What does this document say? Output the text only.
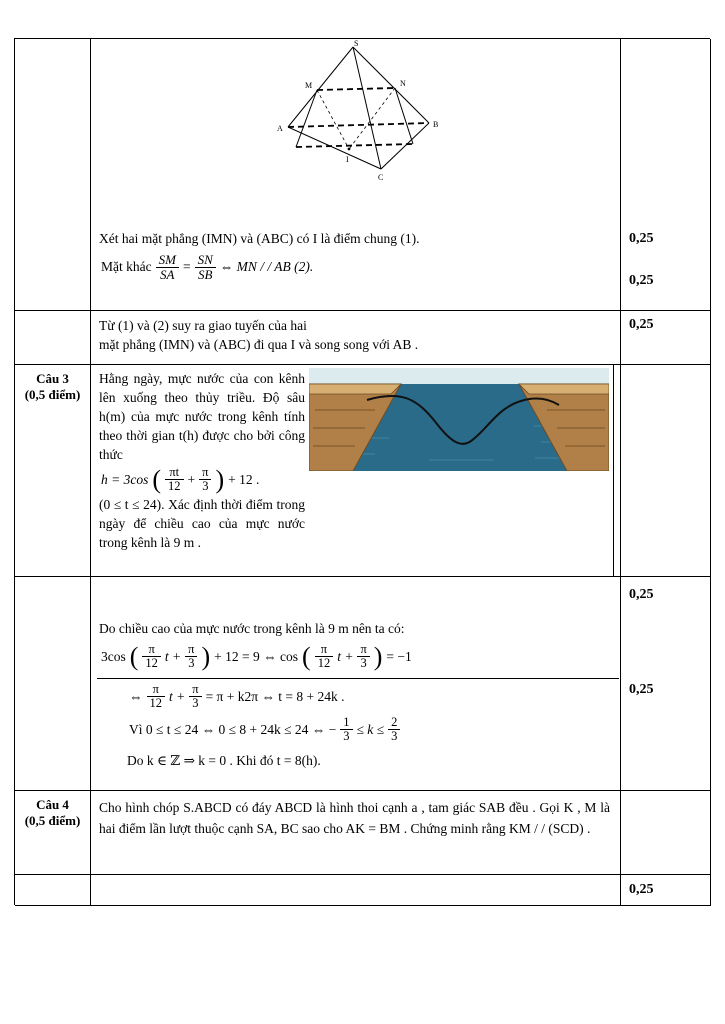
S
M	N
A	B
C
I
Xét hai mặt phẳng (IMN) và (ABC) có I là điểm chung (1).
Mặt khác $\frac{SM}{SA} = \frac{SN}{SB}$ ⇔ MN / / AB (2).
0,25
0,25
Từ (1) và (2) suy ra giao tuyến của hai
mặt phẳng (IMN) và (ABC) đi qua I và song song với AB .
0,25
Câu 3
(0,5 điểm)
Hằng ngày, mực nước của con kênh lên xuống theo thủy triều. Độ sâu h(m) của mực nước trong kênh tính theo thời gian t(h) được cho bởi công thức
h = 3cos ( $\frac{\pi t}{12} + \frac{\pi}{3}$ ) + 12 .
(0 ≤ t ≤ 24). Xác định thời điểm trong ngày để chiều cao của mực nước trong kênh là 9 m .
Do chiều cao của mực nước trong kênh là 9 m nên ta có:
3cos ( $\frac{\pi}{12}$ $t + \frac{\pi}{3}$ ) + 12 = 9 ⇔ cos ( $\frac{\pi}{12}$ $t + \frac{\pi}{3}$ ) = −1
⇔ $\frac{\pi}{12}$ $t + \frac{\pi}{3} = \pi + k2\pi$ ⇔ t = 8 + 24k .
Vì 0 ≤ t ≤ 24 ⇔ 0 ≤ 8 + 24k ≤ 24 ⇔ − $\frac{1}{3} \le k \le \frac{2}{3}$
Do k ∈ ℤ ⇒ k = 0 . Khi đó t = 8(h).
0,25
0,25
Câu 4
(0,5 điểm)
Cho hình chóp S.ABCD có đáy ABCD là hình thoi cạnh a , tam giác SAB đều . Gọi K , M là hai điểm lần lượt thuộc cạnh SA, BC sao cho AK = BM . Chứng minh rằng KM / / (SCD) .
0,25
